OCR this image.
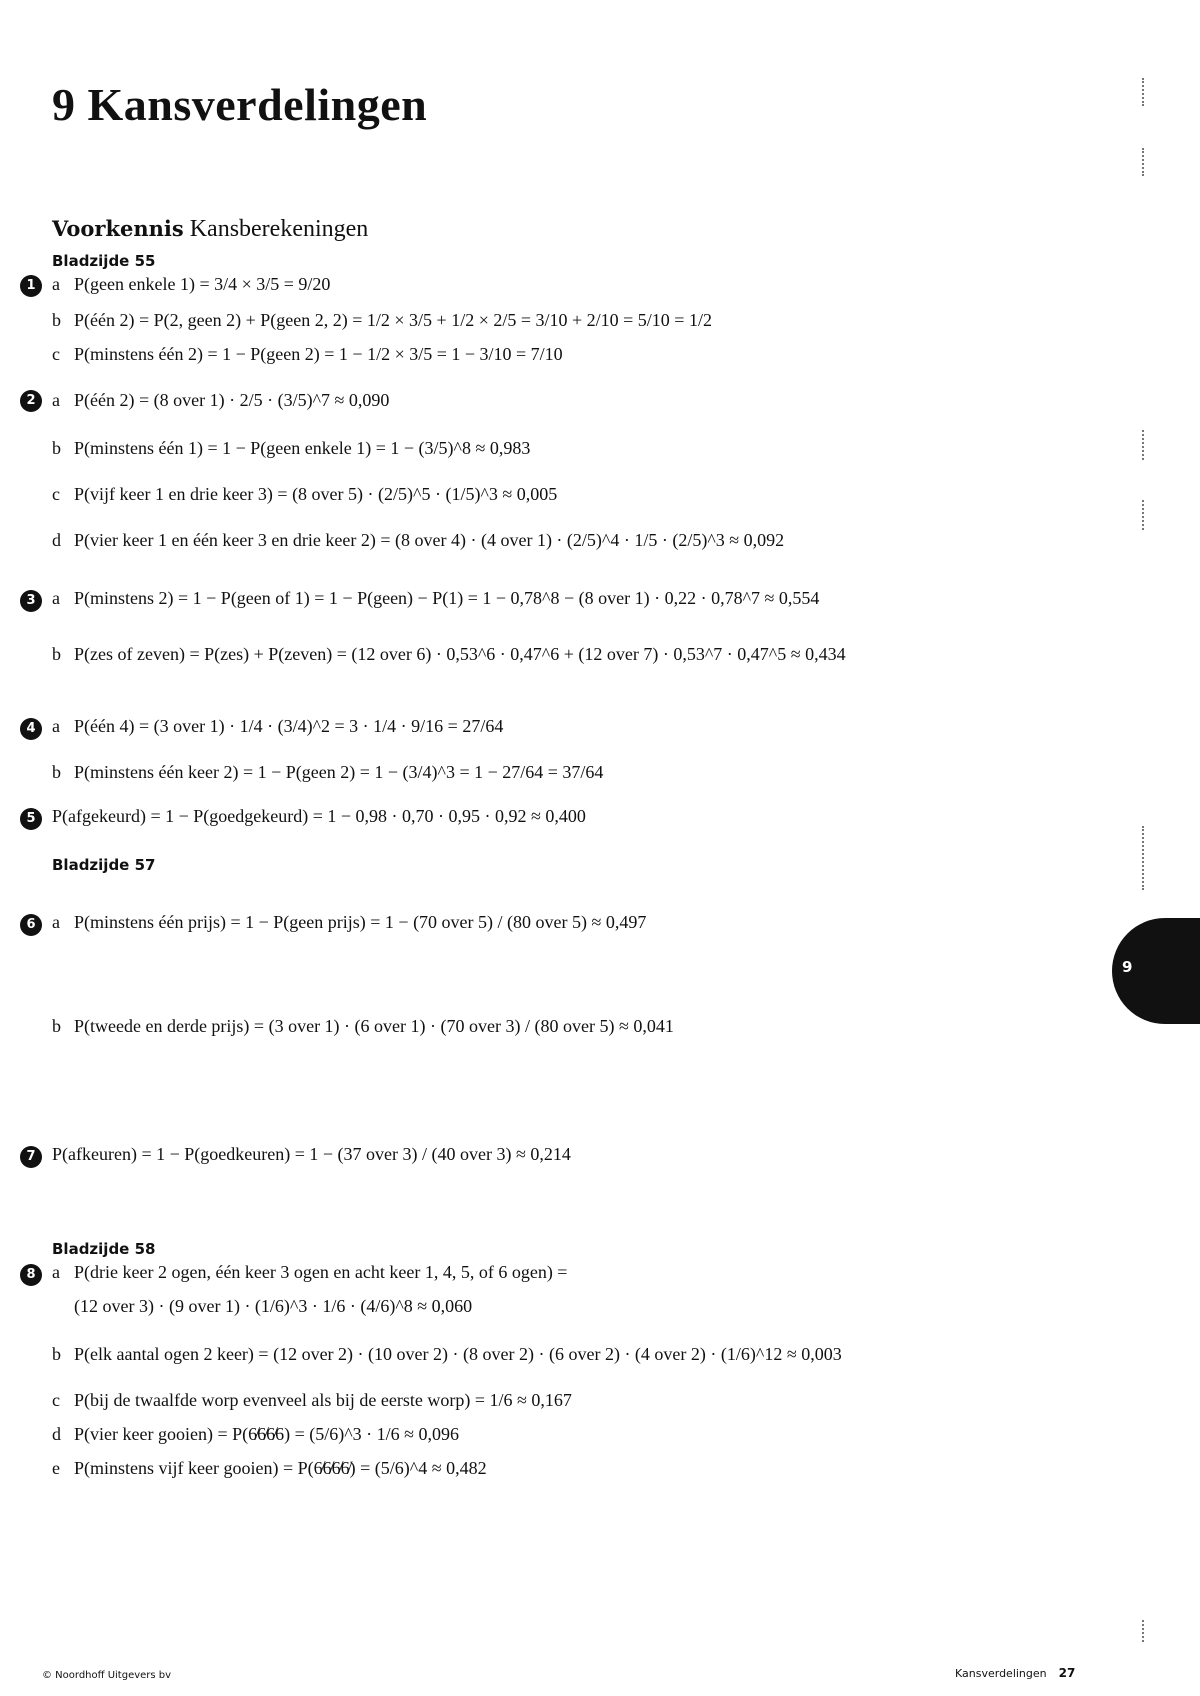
9 Kansverdelingen
Voorkennis Kansberekeningen
Bladzijde 55
1 a P(geen enkele 1) = 3/4 × 3/5 = 9/20
b P(één 2) = P(2, geen 2) + P(geen 2, 2) = 1/2 × 3/5 + 1/2 × 2/5 = 3/10 + 2/10 = 5/10 = 1/2
c P(minstens één 2) = 1 − P(geen 2) = 1 − 1/2 × 3/5 = 1 − 3/10 = 7/10
2 a P(één 2) = (8 over 1) · 2/5 · (3/5)^7 ≈ 0,090
b P(minstens één 1) = 1 − P(geen enkele 1) = 1 − (3/5)^8 ≈ 0,983
c P(vijf keer 1 en drie keer 3) = (8 over 5) · (2/5)^5 · (1/5)^3 ≈ 0,005
d P(vier keer 1 en één keer 3 en drie keer 2) = (8 over 4) · (4 over 1) · (2/5)^4 · 1/5 · (2/5)^3 ≈ 0,092
3 a P(minstens 2) = 1 − P(geen of 1) = 1 − P(geen) − P(1) = 1 − 0,78^8 − (8 over 1) · 0,22 · 0,78^7 ≈ 0,554
b P(zes of zeven) = P(zes) + P(zeven) = (12 over 6) · 0,53^6 · 0,47^6 + (12 over 7) · 0,53^7 · 0,47^5 ≈ 0,434
4 a P(één 4) = (3 over 1) · 1/4 · (3/4)^2 = 3 · 1/4 · 9/16 = 27/64
b P(minstens één keer 2) = 1 − P(geen 2) = 1 − (3/4)^3 = 1 − 27/64 = 37/64
5 P(afgekeurd) = 1 − P(goedgekeurd) = 1 − 0,98 · 0,70 · 0,95 · 0,92 ≈ 0,400
Bladzijde 57
6 a P(minstens één prijs) = 1 − P(geen prijs) = 1 − (70 over 5) / (80 over 5) ≈ 0,497
b P(tweede en derde prijs) = (3 over 1) · (6 over 1) · (70 over 3) / (80 over 5) ≈ 0,041
7 P(afkeuren) = 1 − P(goedkeuren) = 1 − (37 over 3) / (40 over 3) ≈ 0,214
Bladzijde 58
8 a P(drie keer 2 ogen, één keer 3 ogen en acht keer 1, 4, 5, of 6 ogen) =
(12 over 3) · (9 over 1) · (1/6)^3 · 1/6 · (4/6)^8 ≈ 0,060
b P(elk aantal ogen 2 keer) = (12 over 2) · (10 over 2) · (8 over 2) · (6 over 2) · (4 over 2) · (1/6)^12 ≈ 0,003
c P(bij de twaalfde worp evenveel als bij de eerste worp) = 1/6 ≈ 0,167
d P(vier keer gooien) = P(6̸6̸6̸6) = (5/6)^3 · 1/6 ≈ 0,096
e P(minstens vijf keer gooien) = P(6̸6̸6̸6̸) = (5/6)^4 ≈ 0,482
9
© Noordhoff Uitgevers bv	Kansverdelingen 27
